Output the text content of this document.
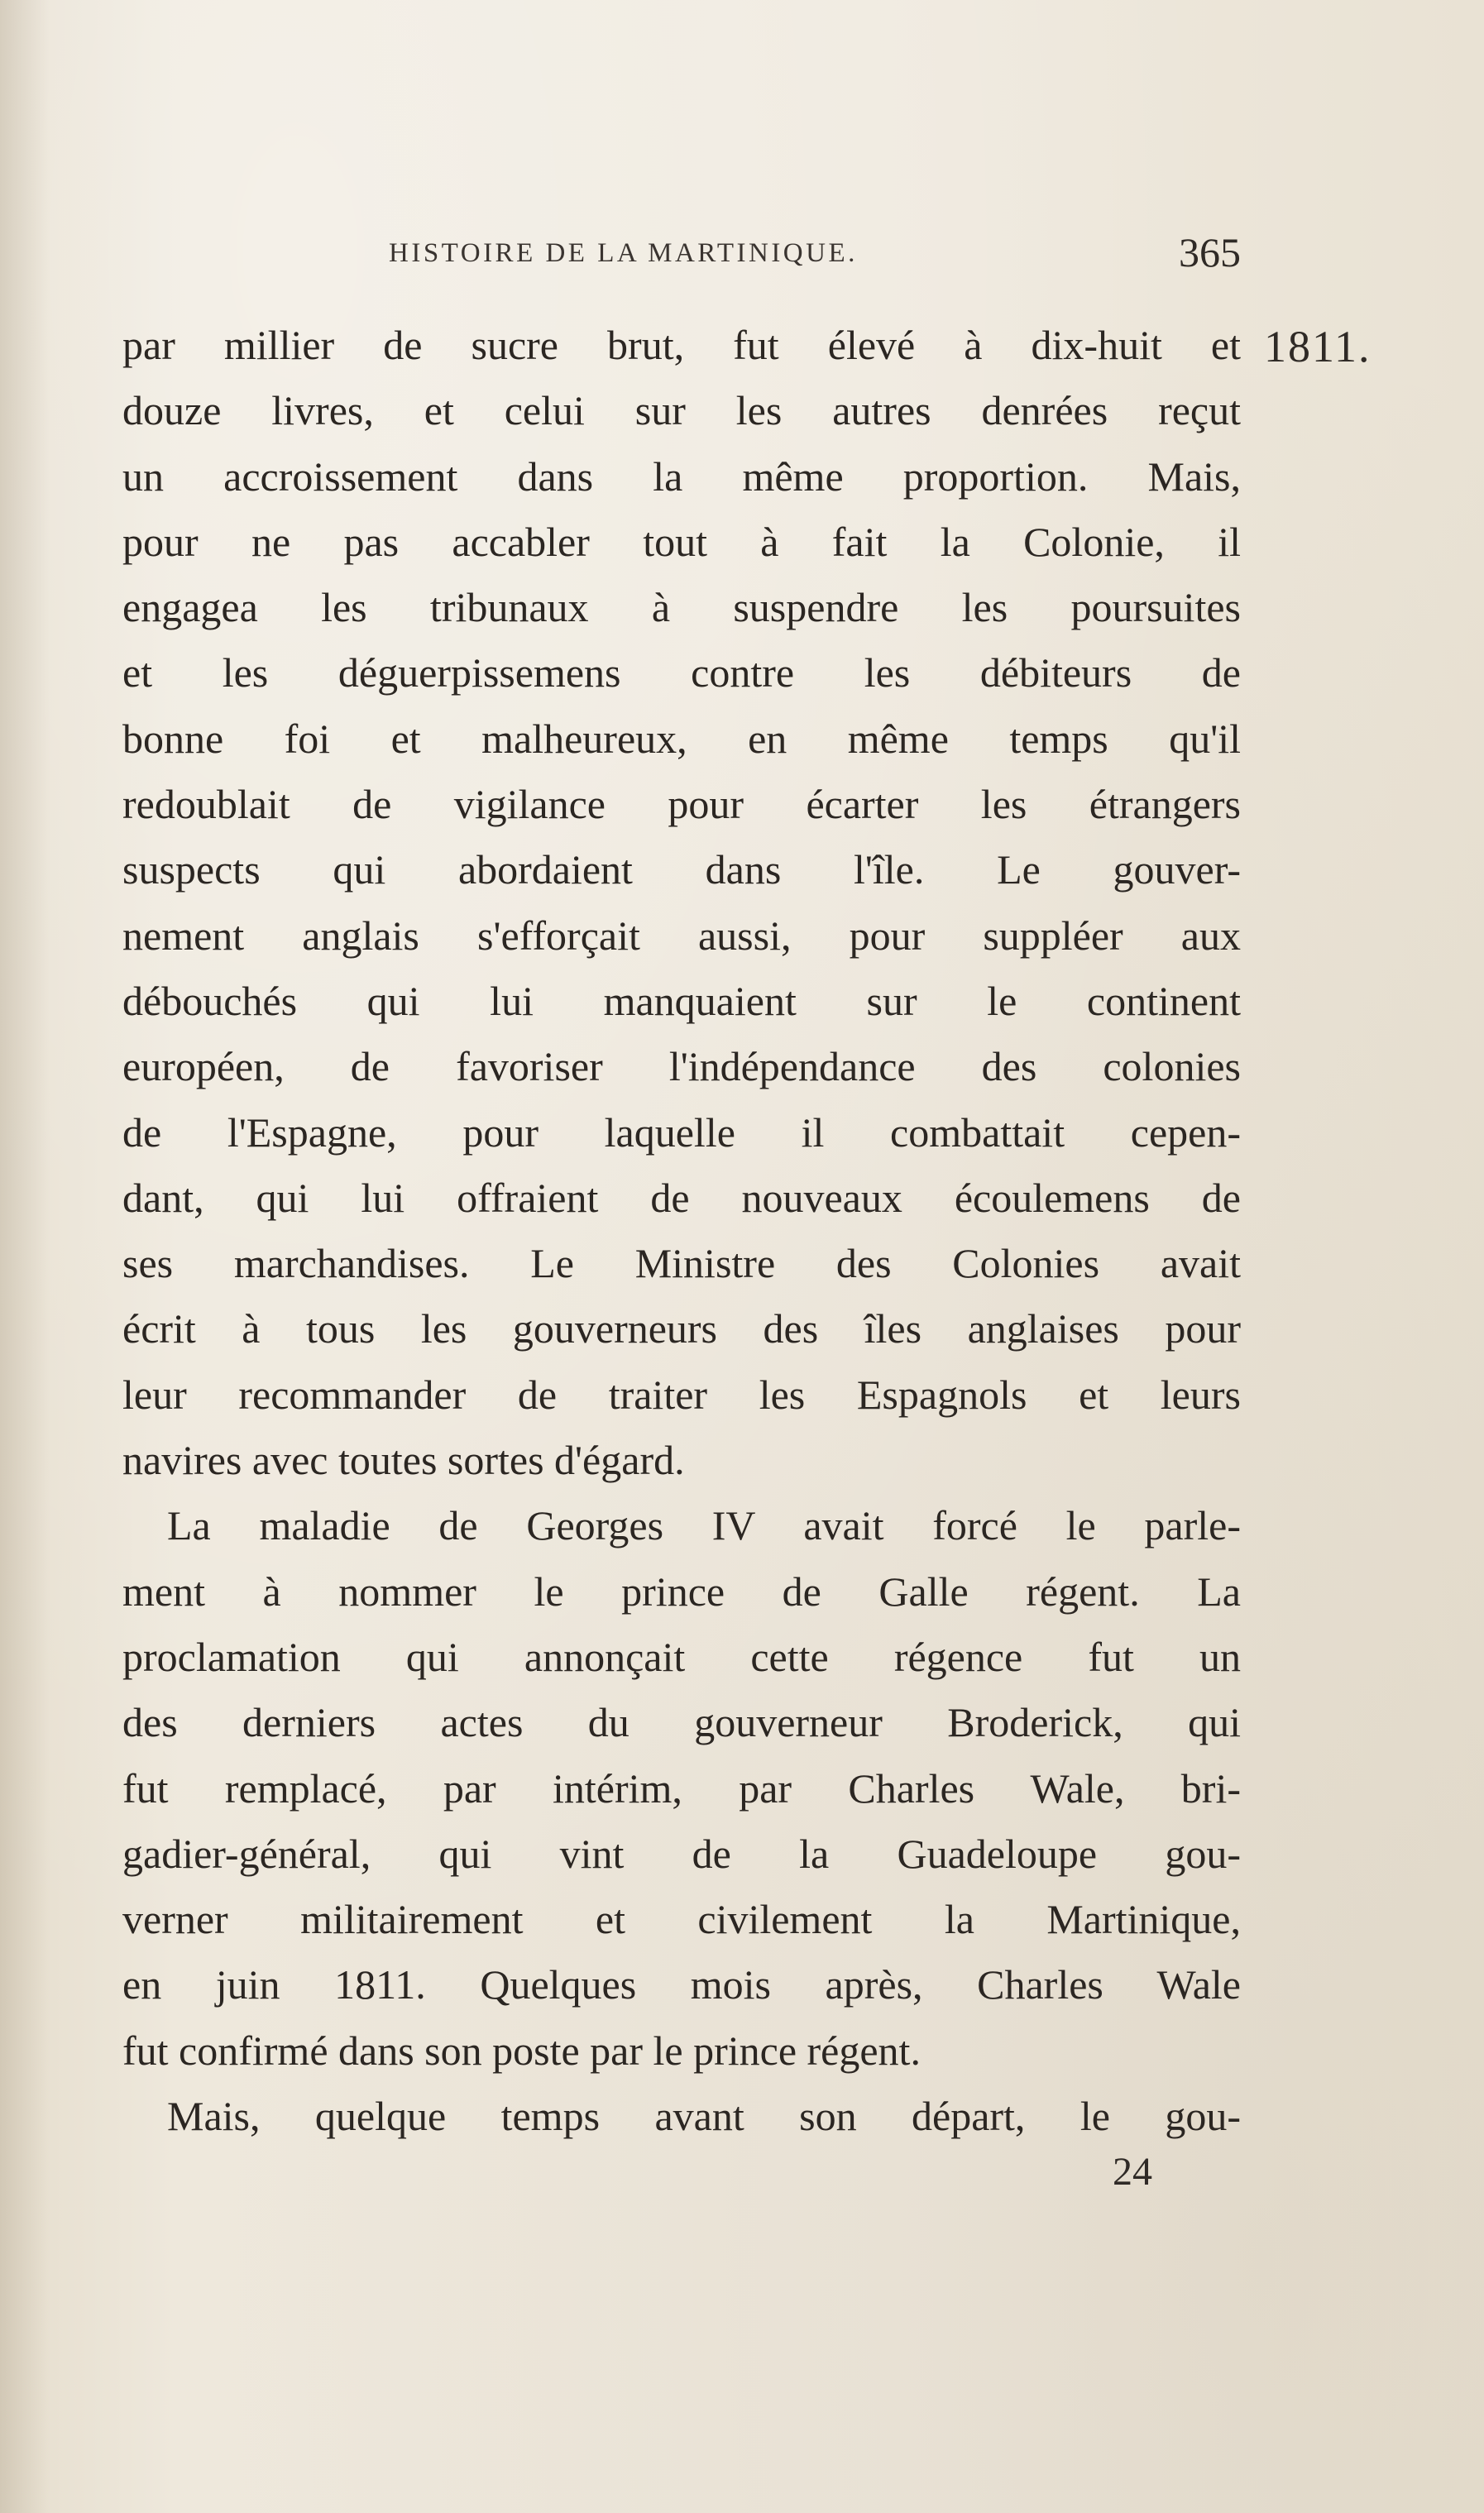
HISTOIRE DE LA MARTINIQUE.	365
1811.
par millier de sucre brut, fut élevé à dix-huit et
douze livres, et celui sur les autres denrées reçut
un accroissement dans la même proportion. Mais,
pour ne pas accabler tout à fait la Colonie, il
engagea les tribunaux à suspendre les poursuites
et les déguerpissemens contre les débiteurs de
bonne foi et malheureux, en même temps qu'il
redoublait de vigilance pour écarter les étrangers
suspects qui abordaient dans l'île. Le gouver-
nement anglais s'efforçait aussi, pour suppléer aux
débouchés qui lui manquaient sur le continent
européen, de favoriser l'indépendance des colonies
de l'Espagne, pour laquelle il combattait cepen-
dant, qui lui offraient de nouveaux écoulemens de
ses marchandises. Le Ministre des Colonies avait
écrit à tous les gouverneurs des îles anglaises pour
leur recommander de traiter les Espagnols et leurs
navires avec toutes sortes d'égard.
La maladie de Georges IV avait forcé le parle-
ment à nommer le prince de Galle régent. La
proclamation qui annonçait cette régence fut un
des derniers actes du gouverneur Broderick, qui
fut remplacé, par intérim, par Charles Wale, bri-
gadier-général, qui vint de la Guadeloupe gou-
verner militairement et civilement la Martinique,
en juin 1811. Quelques mois après, Charles Wale
fut confirmé dans son poste par le prince régent.
Mais, quelque temps avant son départ, le gou-
24
